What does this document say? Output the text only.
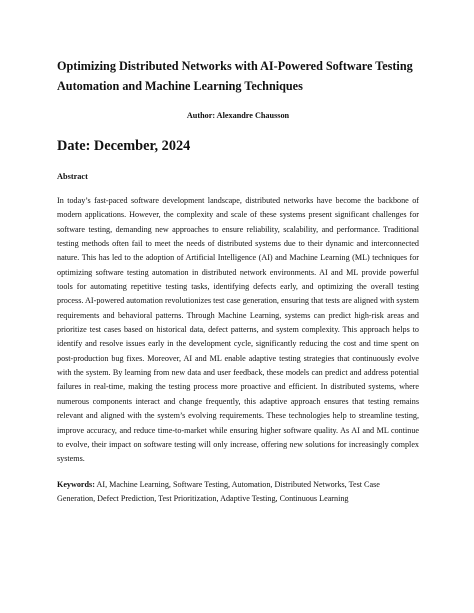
Optimizing Distributed Networks with AI-Powered Software Testing Automation and Machine Learning Techniques
Author: Alexandre Chausson
Date: December, 2024
Abstract

In today’s fast-paced software development landscape, distributed networks have become the backbone of modern applications. However, the complexity and scale of these systems present significant challenges for software testing, demanding new approaches to ensure reliability, scalability, and performance. Traditional testing methods often fail to meet the needs of distributed systems due to their dynamic and interconnected nature. This has led to the adoption of Artificial Intelligence (AI) and Machine Learning (ML) techniques for optimizing software testing automation in distributed network environments. AI and ML provide powerful tools for automating repetitive testing tasks, identifying defects early, and optimizing the overall testing process. AI-powered automation revolutionizes test case generation, ensuring that tests are aligned with system requirements and behavioral patterns. Through Machine Learning, systems can predict high-risk areas and prioritize test cases based on historical data, defect patterns, and system complexity. This approach helps to identify and resolve issues early in the development cycle, significantly reducing the cost and time spent on post-production bug fixes. Moreover, AI and ML enable adaptive testing strategies that continuously evolve with the system. By learning from new data and user feedback, these models can predict and address potential failures in real-time, making the testing process more proactive and efficient. In distributed systems, where numerous components interact and change frequently, this adaptive approach ensures that testing remains relevant and aligned with the system’s evolving requirements. These technologies help to streamline testing, improve accuracy, and reduce time-to-market while ensuring higher software quality. As AI and ML continue to evolve, their impact on software testing will only increase, offering new solutions for increasingly complex systems.

Keywords: AI, Machine Learning, Software Testing, Automation, Distributed Networks, Test Case Generation, Defect Prediction, Test Prioritization, Adaptive Testing, Continuous Learning
